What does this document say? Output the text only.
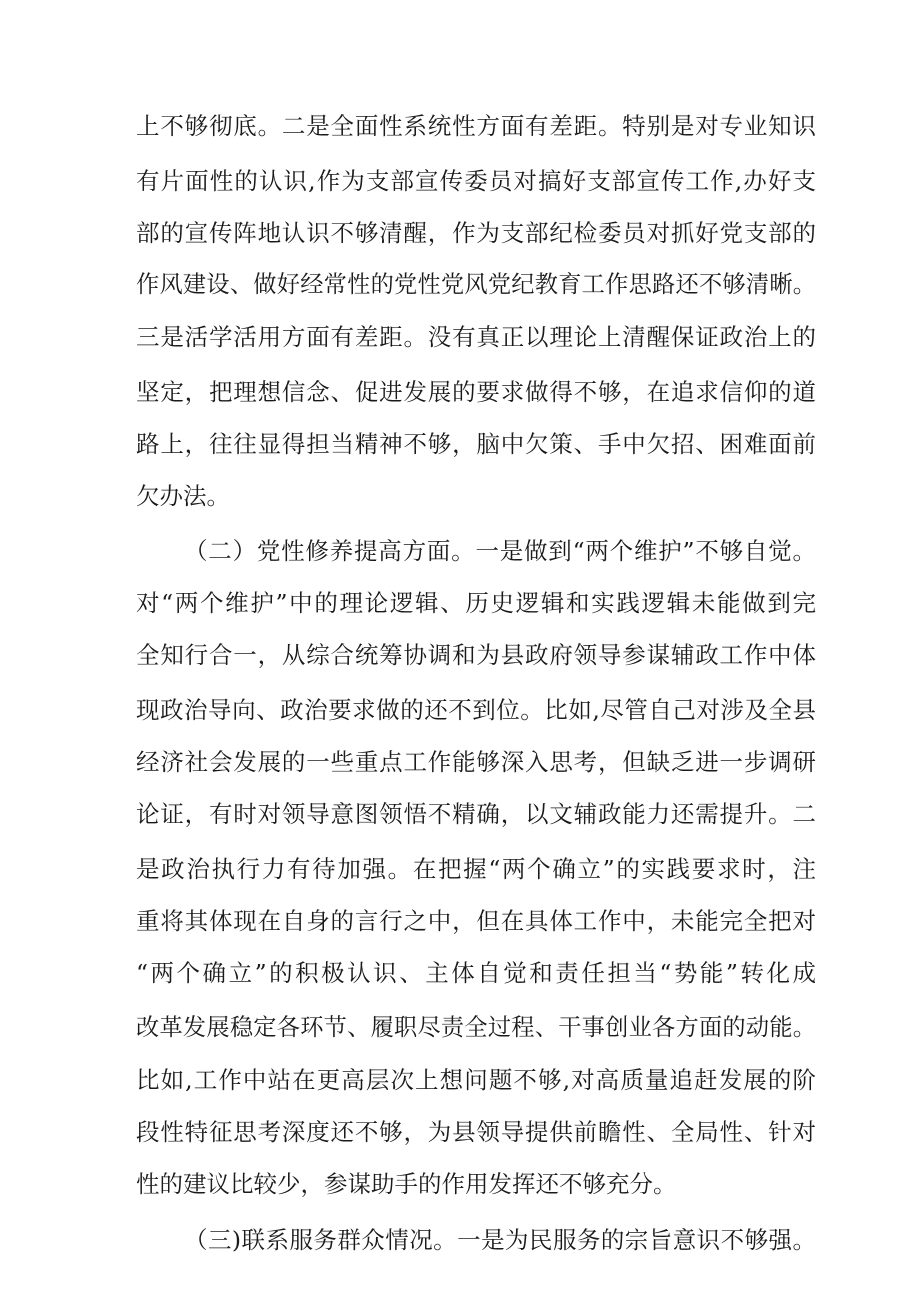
上不够彻底。二是全面性系统性方面有差距。特别是对专业知识
有片面性的认识,作为支部宣传委员对搞好支部宣传工作,办好支
部的宣传阵地认识不够清醒，作为支部纪检委员对抓好党支部的
作风建设、做好经常性的党性党风党纪教育工作思路还不够清晰。
三是活学活用方面有差距。没有真正以理论上清醒保证政治上的
坚定，把理想信念、促进发展的要求做得不够，在追求信仰的道
路上，往往显得担当精神不够，脑中欠策、手中欠招、困难面前
欠办法。
（二）党性修养提高方面。一是做到“两个维护”不够自觉。
对“两个维护”中的理论逻辑、历史逻辑和实践逻辑未能做到完
全知行合一，从综合统筹协调和为县政府领导参谋辅政工作中体
现政治导向、政治要求做的还不到位。比如,尽管自己对涉及全县
经济社会发展的一些重点工作能够深入思考，但缺乏进一步调研
论证，有时对领导意图领悟不精确，以文辅政能力还需提升。二
是政治执行力有待加强。在把握“两个确立”的实践要求时，注
重将其体现在自身的言行之中，但在具体工作中，未能完全把对
“两个确立”的积极认识、主体自觉和责任担当“势能”转化成
改革发展稳定各环节、履职尽责全过程、干事创业各方面的动能。
比如,工作中站在更高层次上想问题不够,对高质量追赶发展的阶
段性特征思考深度还不够，为县领导提供前瞻性、全局性、针对
性的建议比较少，参谋助手的作用发挥还不够充分。
（三)联系服务群众情况。一是为民服务的宗旨意识不够强。
